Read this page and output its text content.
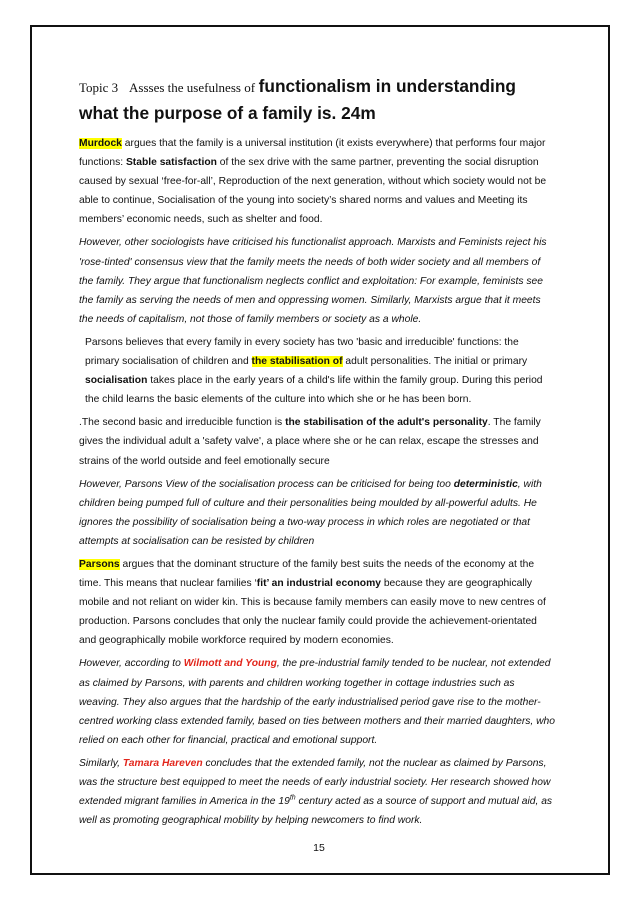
Topic 3 Assses the usefulness of functionalism in understanding
what the purpose of a family is. 24m

Murdock argues that the family is a universal institution (it exists everywhere) that performs four major functions: Stable satisfaction of the sex drive with the same partner, preventing the social disruption caused by sexual ‘free-for-all’, Reproduction of the next generation, without which society would not be able to continue, Socialisation of the young into society’s shared norms and values and Meeting its members’ economic needs, such as shelter and food.

However, other sociologists have criticised his functionalist approach. Marxists and Feminists reject his 'rose-tinted' consensus view that the family meets the needs of both wider society and all members of the family. They argue that functionalism neglects conflict and exploitation: For example, feminists see the family as serving the needs of men and oppressing women. Similarly, Marxists argue that it meets the needs of capitalism, not those of family members or society as a whole.

Parsons believes that every family in every society has two 'basic and irreducible' functions: the primary socialisation of children and the stabilisation of adult personalities. The initial or primary socialisation takes place in the early years of a child's life within the family group. During this period the child learns the basic elements of the culture into which she or he has been born.

.The second basic and irreducible function is the stabilisation of the adult's personality. The family gives the individual adult a 'safety valve', a place where she or he can relax, escape the stresses and strains of the world outside and feel emotionally secure

However, Parsons View of the socialisation process can be criticised for being too deterministic, with children being pumped full of culture and their personalities being moulded by all-powerful adults. He ignores the possibility of socialisation being a two-way process in which roles are negotiated or that attempts at socialisation can be resisted by children

Parsons argues that the dominant structure of the family best suits the needs of the economy at the time. This means that nuclear families ‘fit’ an industrial economy because they are geographically mobile and not reliant on wider kin. This is because family members can easily move to new centres of production. Parsons concludes that only the nuclear family could provide the achievement-orientated and geographically mobile workforce required by modern economies.

However, according to Wilmott and Young, the pre-industrial family tended to be nuclear, not extended as claimed by Parsons, with parents and children working together in cottage industries such as weaving. They also argues that the hardship of the early industrialised period gave rise to the mother-centred working class extended family, based on ties between mothers and their married daughters, who relied on each other for financial, practical and emotional support.

Similarly, Tamara Hareven concludes that the extended family, not the nuclear as claimed by Parsons, was the structure best equipped to meet the needs of early industrial society. Her research showed how extended migrant families in America in the 19th century acted as a source of support and mutual aid, as well as promoting geographical mobility by helping newcomers to find work.

15
